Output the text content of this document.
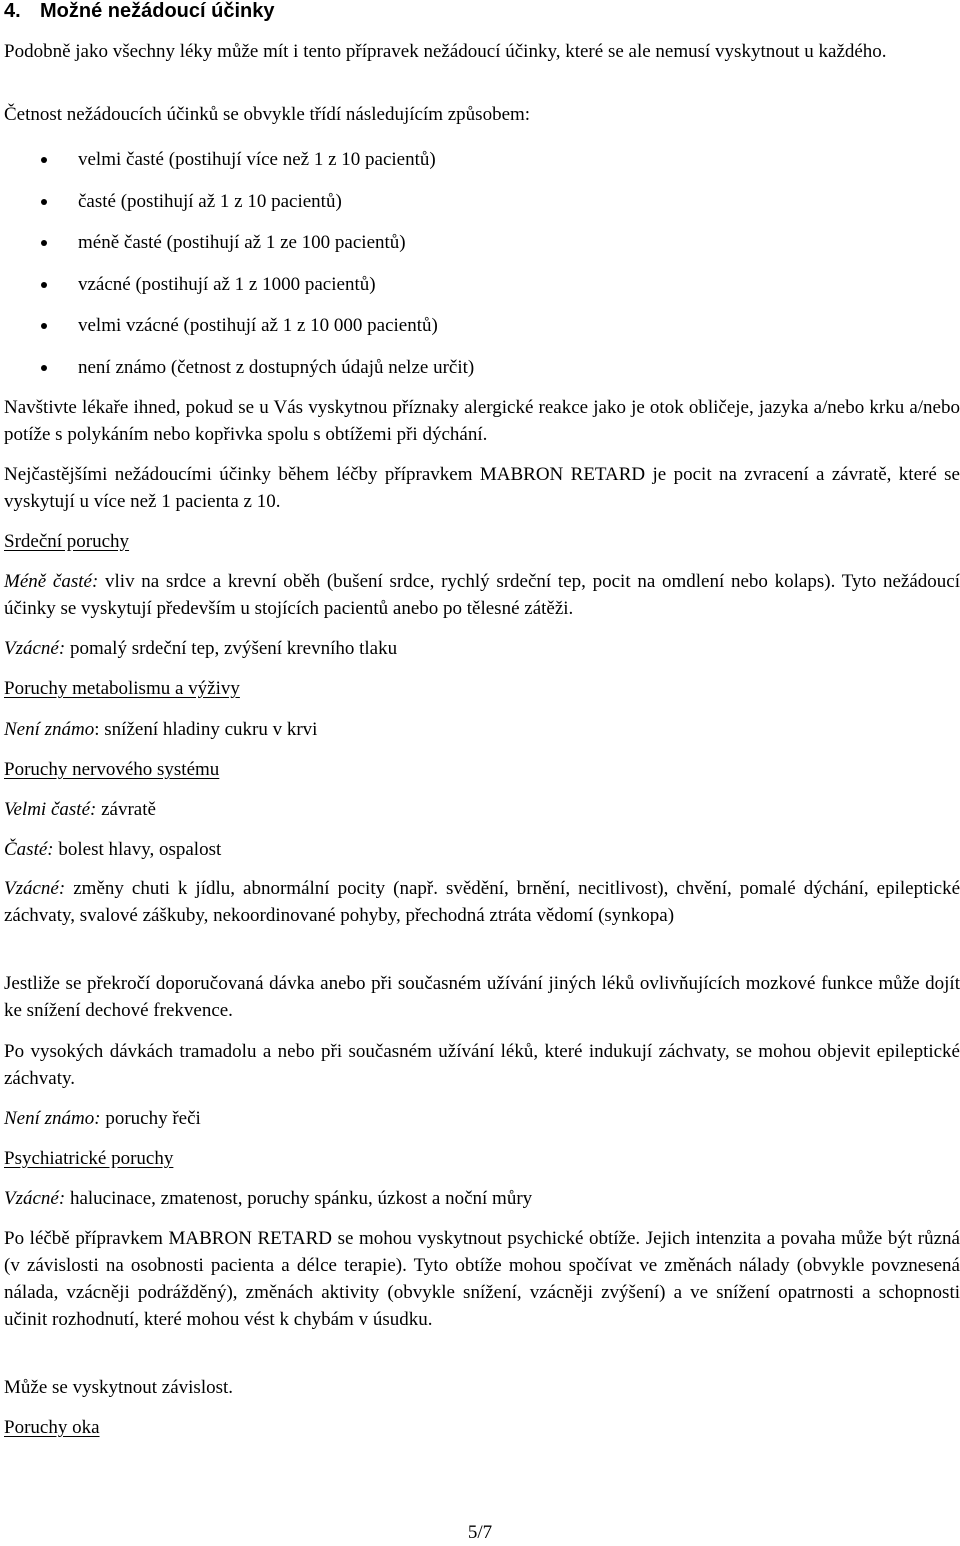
4. Možné nežádoucí účinky

Podobně jako všechny léky může mít i tento přípravek nežádoucí účinky, které se ale nemusí vyskytnout u každého.

Četnost nežádoucích účinků se obvykle třídí následujícím způsobem:

velmi časté (postihují více než 1 z 10 pacientů)
časté (postihují až 1 z 10 pacientů)
méně časté (postihují až 1 ze 100 pacientů)
vzácné (postihují až 1 z 1000 pacientů)
velmi vzácné (postihují až 1 z 10 000 pacientů)
není známo (četnost z dostupných údajů nelze určit)

Navštivte lékaře ihned, pokud se u Vás vyskytnou příznaky alergické reakce jako je otok obličeje, jazyka a/nebo krku a/nebo potíže s polykáním nebo kopřivka spolu s obtížemi při dýchání.

Nejčastějšími nežádoucími účinky během léčby přípravkem MABRON RETARD je pocit na zvracení a závratě, které se vyskytují u více než 1 pacienta z 10.

Srdeční poruchy

Méně časté: vliv na srdce a krevní oběh (bušení srdce, rychlý srdeční tep, pocit na omdlení nebo kolaps). Tyto nežádoucí účinky se vyskytují především u stojících pacientů anebo po tělesné zátěži.

Vzácné: pomalý srdeční tep, zvýšení krevního tlaku

Poruchy metabolismu a výživy

Není známo: snížení hladiny cukru v krvi

Poruchy nervového systému

Velmi časté: závratě

Časté: bolest hlavy, ospalost

Vzácné: změny chuti k jídlu, abnormální pocity (např. svědění, brnění, necitlivost), chvění, pomalé dýchání, epileptické záchvaty, svalové záškuby, nekoordinované pohyby, přechodná ztráta vědomí (synkopa)

Jestliže se překročí doporučovaná dávka anebo při současném užívání jiných léků ovlivňujících mozkové funkce může dojít ke snížení dechové frekvence.

Po vysokých dávkách tramadolu a nebo při současném užívání léků, které indukují záchvaty, se mohou objevit epileptické záchvaty.

Není známo: poruchy řeči

Psychiatrické poruchy

Vzácné: halucinace, zmatenost, poruchy spánku, úzkost a noční můry

Po léčbě přípravkem MABRON RETARD se mohou vyskytnout psychické obtíže. Jejich intenzita a povaha může být různá (v závislosti na osobnosti pacienta a délce terapie). Tyto obtíže mohou spočívat ve změnách nálady (obvykle povznesená nálada, vzácněji podrážděný), změnách aktivity (obvykle snížení, vzácněji zvýšení) a ve snížení opatrnosti a schopnosti učinit rozhodnutí, které mohou vést k chybám v úsudku.

Může se vyskytnout závislost.

Poruchy oka

5/7
